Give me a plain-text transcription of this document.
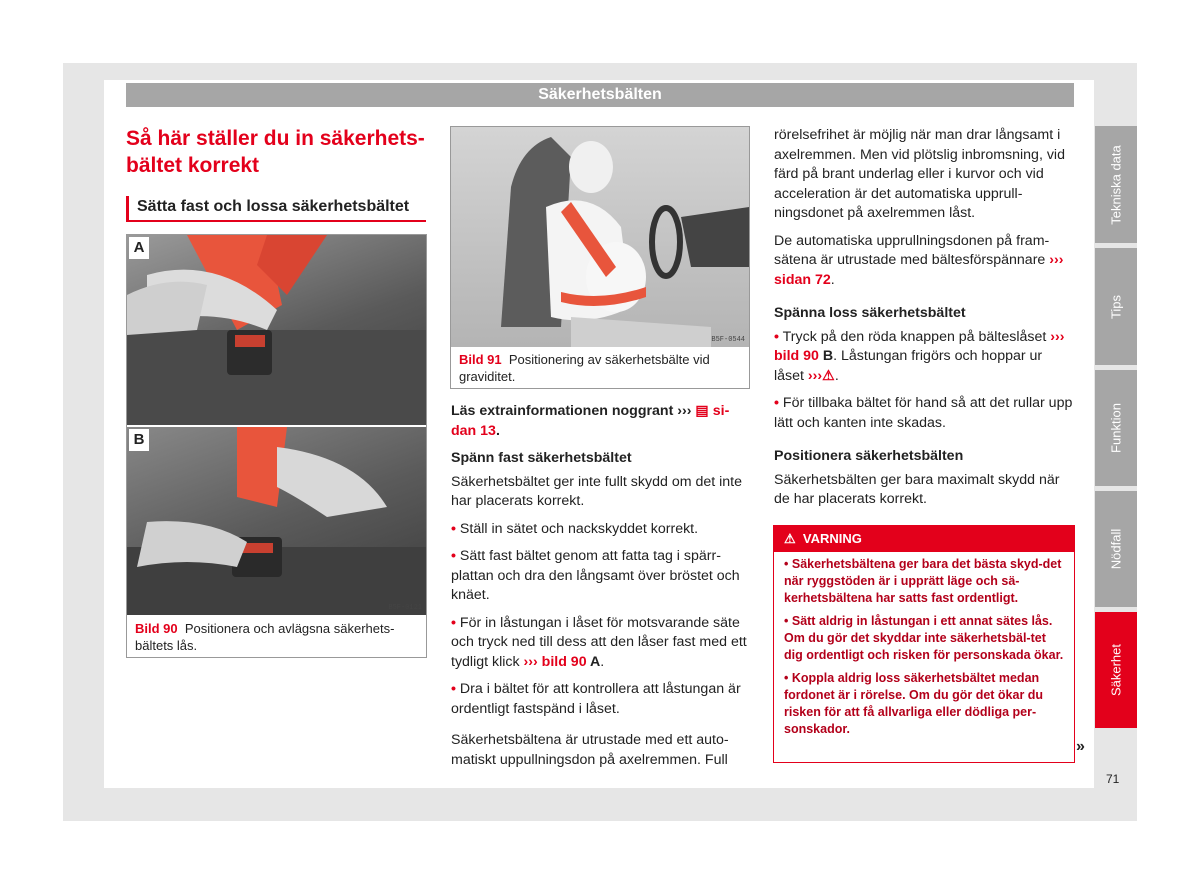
Säkerhetsbälten
Så här ställer du in säkerhets-bältet korrekt
Sätta fast och lossa säkerhetsbältet
A
B
B5F-0121
Bild 90 Positionera och avlägsna säkerhets-bältets lås.
B5F-0544
Bild 91 Positionering av säkerhetsbälte vid graviditet.

Läs extrainformationen noggrant ››› ▤ si-dan 13.

Spänn fast säkerhetsbältet

Säkerhetsbältet ger inte fullt skydd om det inte har placerats korrekt.

• Ställ in sätet och nackskyddet korrekt.

• Sätt fast bältet genom att fatta tag i spärr-plattan och dra den långsamt över bröstet och knäet.

• För in låstungan i låset för motsvarande säte och tryck ned till dess att den låser fast med ett tydligt klick ››› bild 90 A.

• Dra i bältet för att kontrollera att låstungan är ordentligt fastspänd i låset.

Säkerhetsbältena är utrustade med ett auto-matiskt uppullningsdon på axelremmen. Full

rörelsefrihet är möjlig när man drar långsamt i axelremmen. Men vid plötslig inbromsning, vid färd på brant underlag eller i kurvor och vid acceleration är det automatiska upprull-ningsdonet på axelremmen låst.

De automatiska upprullningsdonen på fram-sätena är utrustade med bältesförspännare ››› sidan 72.

Spänna loss säkerhetsbältet

• Tryck på den röda knappen på bälteslåset ››› bild 90 B. Låstungan frigörs och hoppar ur låset ›››⚠.

• För tillbaka bältet för hand så att det rullar upp lätt och kanten inte skadas.

Positionera säkerhetsbälten

Säkerhetsbälten ger bara maximalt skydd när de har placerats korrekt.

⚠ VARNING

• Säkerhetsbältena ger bara det bästa skyd-det när ryggstöden är i upprätt läge och sä-kerhetsbältena har satts fast ordentligt.

• Sätt aldrig in låstungan i ett annat sätes lås. Om du gör det skyddar inte säkerhetsbäl-tet dig ordentligt och risken för personskada ökar.

• Koppla aldrig loss säkerhetsbältet medan fordonet är i rörelse. Om du gör det ökar du risken för att få allvarliga eller dödliga per-sonskador.

»
Tekniska data
Tips
Funktion
Nödfall
Säkerhet
71
